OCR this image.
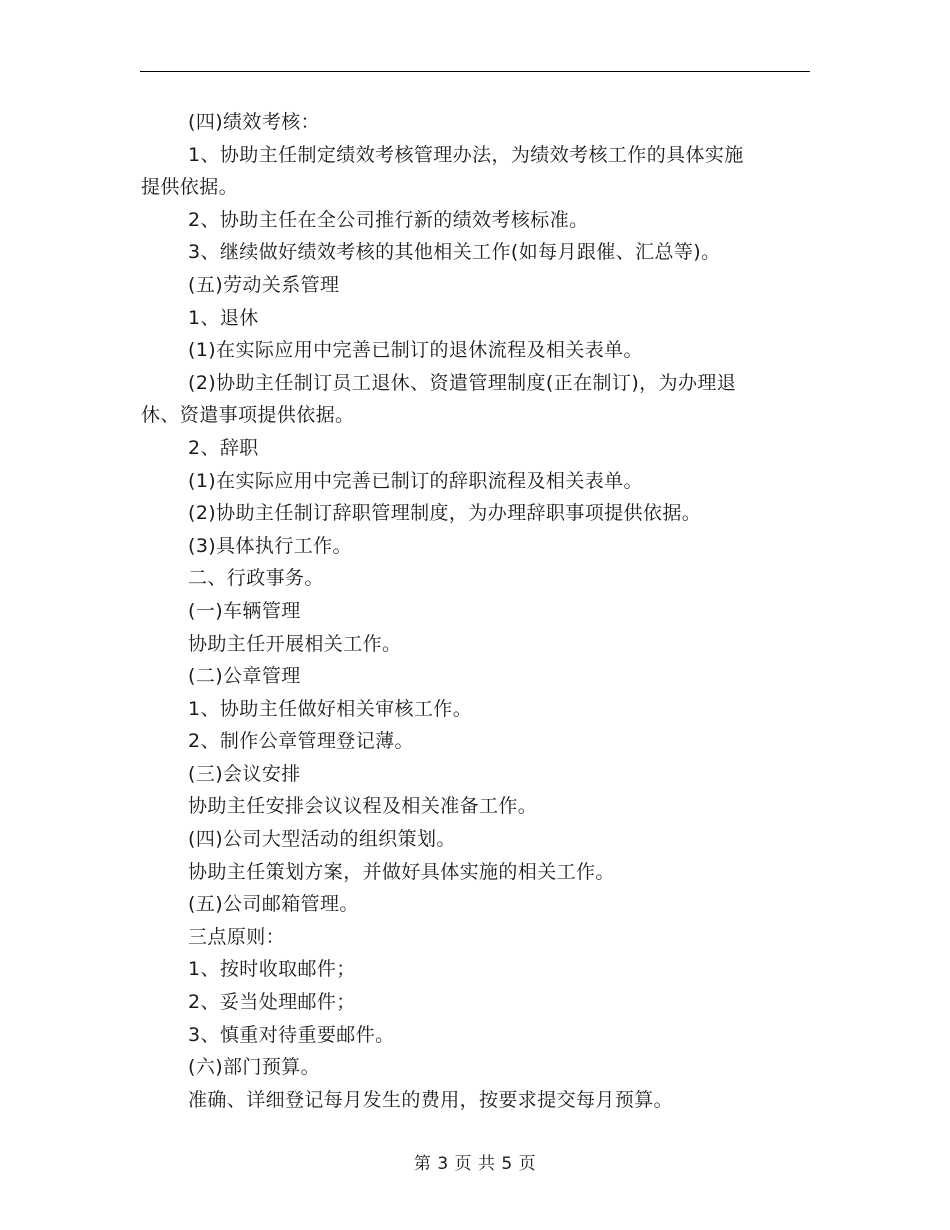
(四)绩效考核：
1、协助主任制定绩效考核管理办法，为绩效考核工作的具体实施
提供依据。
2、协助主任在全公司推行新的绩效考核标准。
3、继续做好绩效考核的其他相关工作(如每月跟催、汇总等)。
(五)劳动关系管理
1、退休
(1)在实际应用中完善已制订的退休流程及相关表单。
(2)协助主任制订员工退休、资遣管理制度(正在制订)，为办理退
休、资遣事项提供依据。
2、辞职
(1)在实际应用中完善已制订的辞职流程及相关表单。
(2)协助主任制订辞职管理制度，为办理辞职事项提供依据。
(3)具体执行工作。
二、行政事务。
(一)车辆管理
协助主任开展相关工作。
(二)公章管理
1、协助主任做好相关审核工作。
2、制作公章管理登记薄。
(三)会议安排
协助主任安排会议议程及相关准备工作。
(四)公司大型活动的组织策划。
协助主任策划方案，并做好具体实施的相关工作。
(五)公司邮箱管理。
三点原则：
1、按时收取邮件；
2、妥当处理邮件；
3、慎重对待重要邮件。
(六)部门预算。
准确、详细登记每月发生的费用，按要求提交每月预算。
第 3 页 共 5 页
